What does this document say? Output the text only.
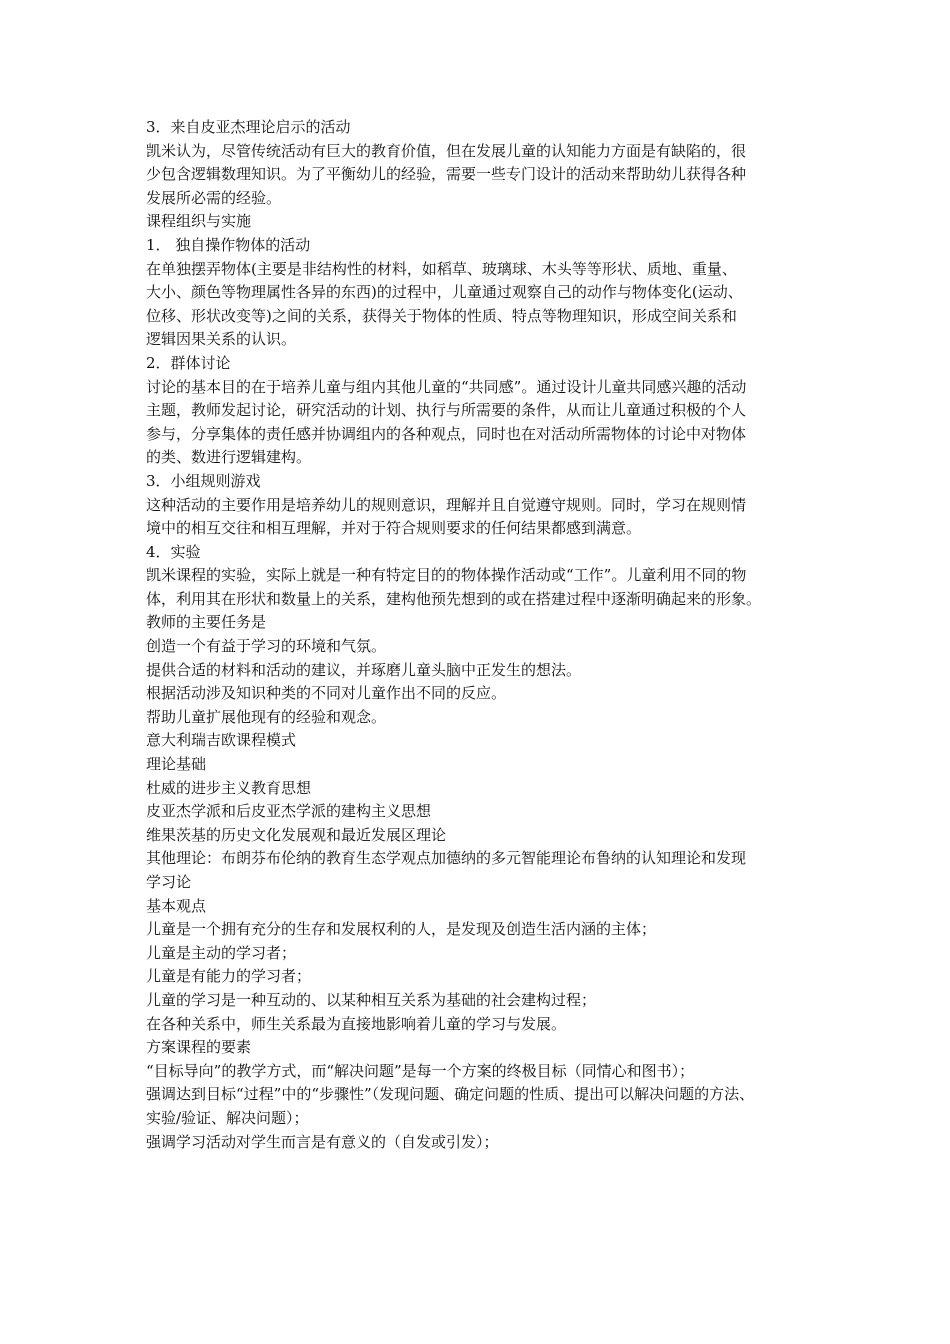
3．来自皮亚杰理论启示的活动
凯米认为，尽管传统活动有巨大的教育价值，但在发展儿童的认知能力方面是有缺陷的，很
少包含逻辑数理知识。为了平衡幼儿的经验，需要一些专门设计的活动来帮助幼儿获得各种
发展所必需的经验。
课程组织与实施
1． 独自操作物体的活动
在单独摆弄物体(主要是非结构性的材料，如稻草、玻璃球、木头等等形状、质地、重量、
大小、颜色等物理属性各异的东西)的过程中，儿童通过观察自己的动作与物体变化(运动、
位移、形状改变等)之间的关系，获得关于物体的性质、特点等物理知识，形成空间关系和
逻辑因果关系的认识。
2．群体讨论
讨论的基本目的在于培养儿童与组内其他儿童的“共同感”。通过设计儿童共同感兴趣的活动
主题，教师发起讨论，研究活动的计划、执行与所需要的条件，从而让儿童通过积极的个人
参与，分享集体的责任感并协调组内的各种观点，同时也在对活动所需物体的讨论中对物体
的类、数进行逻辑建构。
3．小组规则游戏
这种活动的主要作用是培养幼儿的规则意识，理解并且自觉遵守规则。同时，学习在规则情
境中的相互交往和相互理解，并对于符合规则要求的任何结果都感到满意。
4．实验
凯米课程的实验，实际上就是一种有特定目的的物体操作活动或“工作”。儿童利用不同的物
体，利用其在形状和数量上的关系，建构他预先想到的或在搭建过程中逐渐明确起来的形象。
教师的主要任务是
创造一个有益于学习的环境和气氛。
提供合适的材料和活动的建议，并琢磨儿童头脑中正发生的想法。
根据活动涉及知识种类的不同对儿童作出不同的反应。
帮助儿童扩展他现有的经验和观念。
意大利瑞吉欧课程模式
理论基础
杜威的进步主义教育思想
皮亚杰学派和后皮亚杰学派的建构主义思想
维果茨基的历史文化发展观和最近发展区理论
其他理论：布朗芬布伦纳的教育生态学观点加德纳的多元智能理论布鲁纳的认知理论和发现
学习论
基本观点
儿童是一个拥有充分的生存和发展权利的人，是发现及创造生活内涵的主体；
儿童是主动的学习者；
儿童是有能力的学习者；
儿童的学习是一种互动的、以某种相互关系为基础的社会建构过程；
在各种关系中，师生关系最为直接地影响着儿童的学习与发展。
方案课程的要素
“目标导向”的教学方式，而“解决问题”是每一个方案的终极目标（同情心和图书）；
强调达到目标“过程”中的“步骤性”（发现问题、确定问题的性质、提出可以解决问题的方法、
实验/验证、解决问题）；
强调学习活动对学生而言是有意义的（自发或引发）；
